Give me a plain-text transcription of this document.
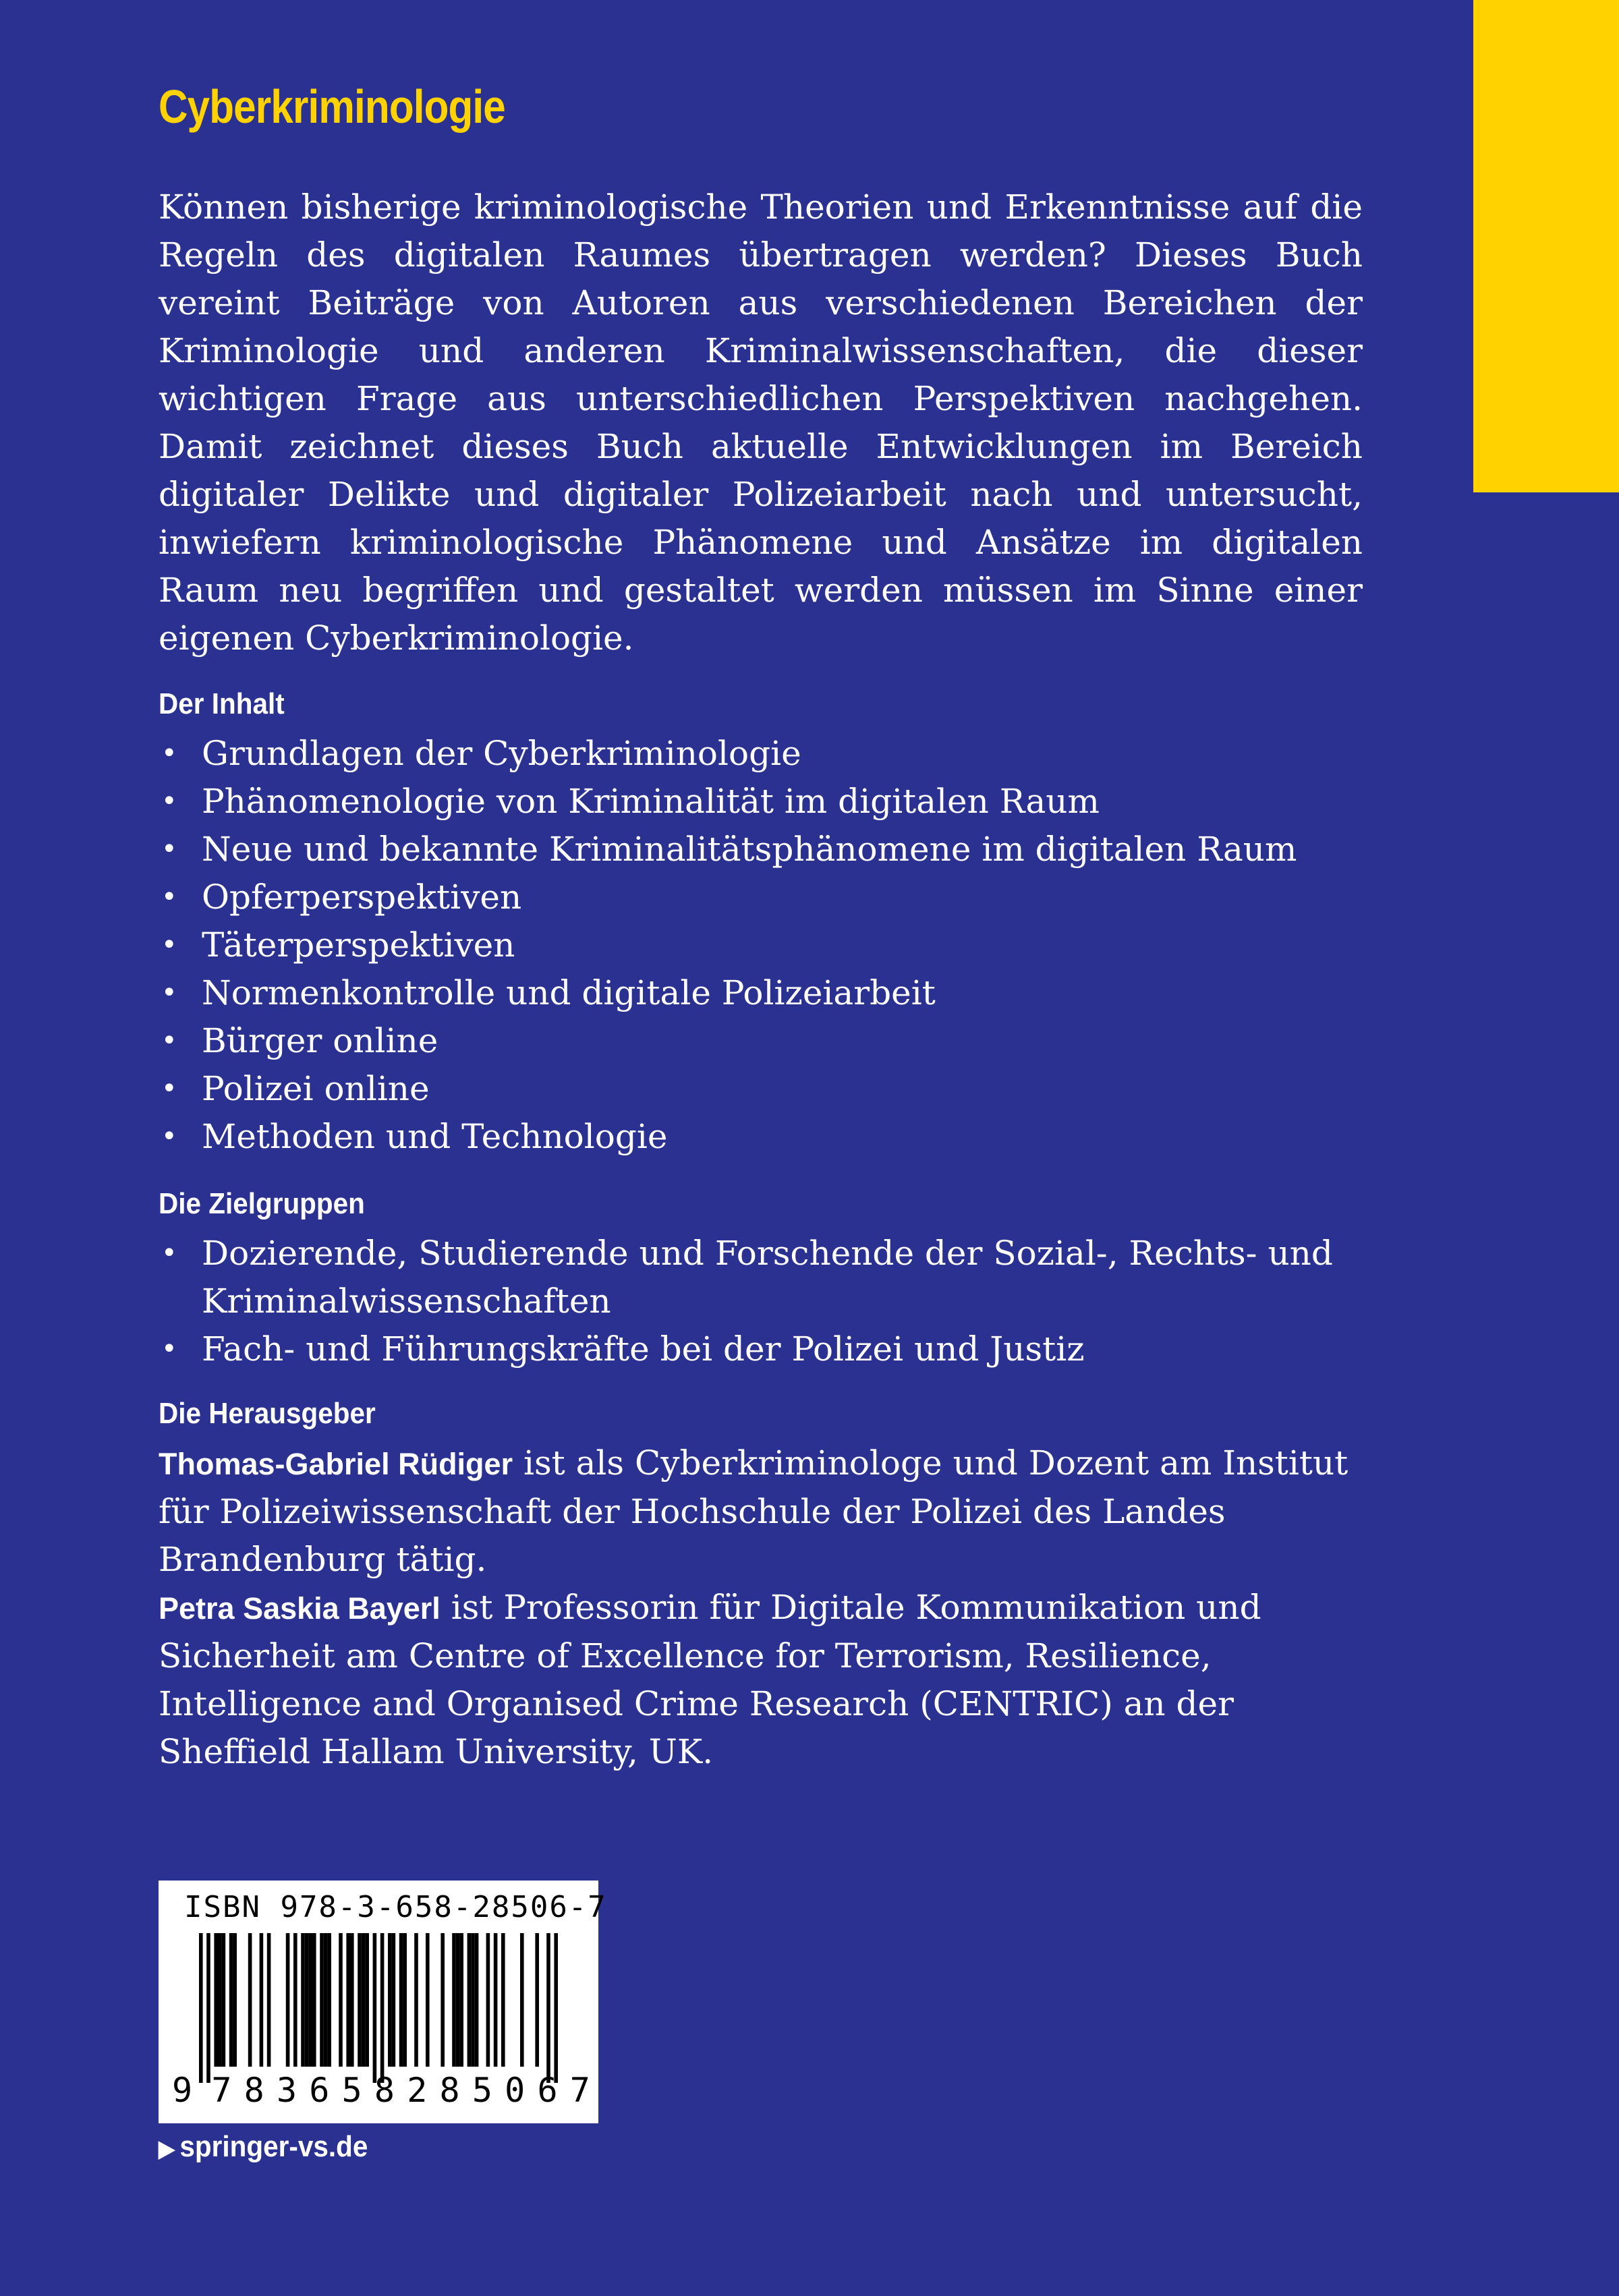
Cyberkriminologie

Können bisherige kriminologische Theorien und Erkenntnisse auf die Regeln des digitalen Raumes übertragen werden? Dieses Buch vereint Beiträge von Autoren aus verschiedenen Bereichen der Kriminologie und anderen Kriminalwissenschaften, die dieser wichtigen Frage aus unterschiedlichen Perspektiven nachgehen. Damit zeichnet dieses Buch aktuelle Entwicklungen im Bereich digitaler Delikte und digitaler Polizeiarbeit nach und untersucht, inwiefern kriminologische Phänomene und Ansätze im digitalen Raum neu begriffen und gestaltet werden müssen im Sinne einer eigenen Cyberkriminologie.

Der Inhalt
• Grundlagen der Cyberkriminologie
• Phänomenologie von Kriminalität im digitalen Raum
• Neue und bekannte Kriminalitätsphänomene im digitalen Raum
• Opferperspektiven
• Täterperspektiven
• Normenkontrolle und digitale Polizeiarbeit
• Bürger online
• Polizei online
• Methoden und Technologie
Die Zielgruppen
• Dozierende, Studierende und Forschende der Sozial-, Rechts- und Kriminalwissenschaften
• Fach- und Führungskräfte bei der Polizei und Justiz
Die Herausgeber

Thomas-Gabriel Rüdiger ist als Cyberkriminologe und Dozent am Institut für Polizeiwissenschaft der Hochschule der Polizei des Landes Brandenburg tätig.
Petra Saskia Bayerl ist Professorin für Digitale Kommunikation und Sicherheit am Centre of Excellence for Terrorism, Resilience, Intelligence and Organised Crime Research (CENTRIC) an der Sheffield Hallam University, UK.

ISBN 978-3-658-28506-7
9 7 8 3 6 5 8 2 8 5 0 6 7
▶ springer-vs.de
